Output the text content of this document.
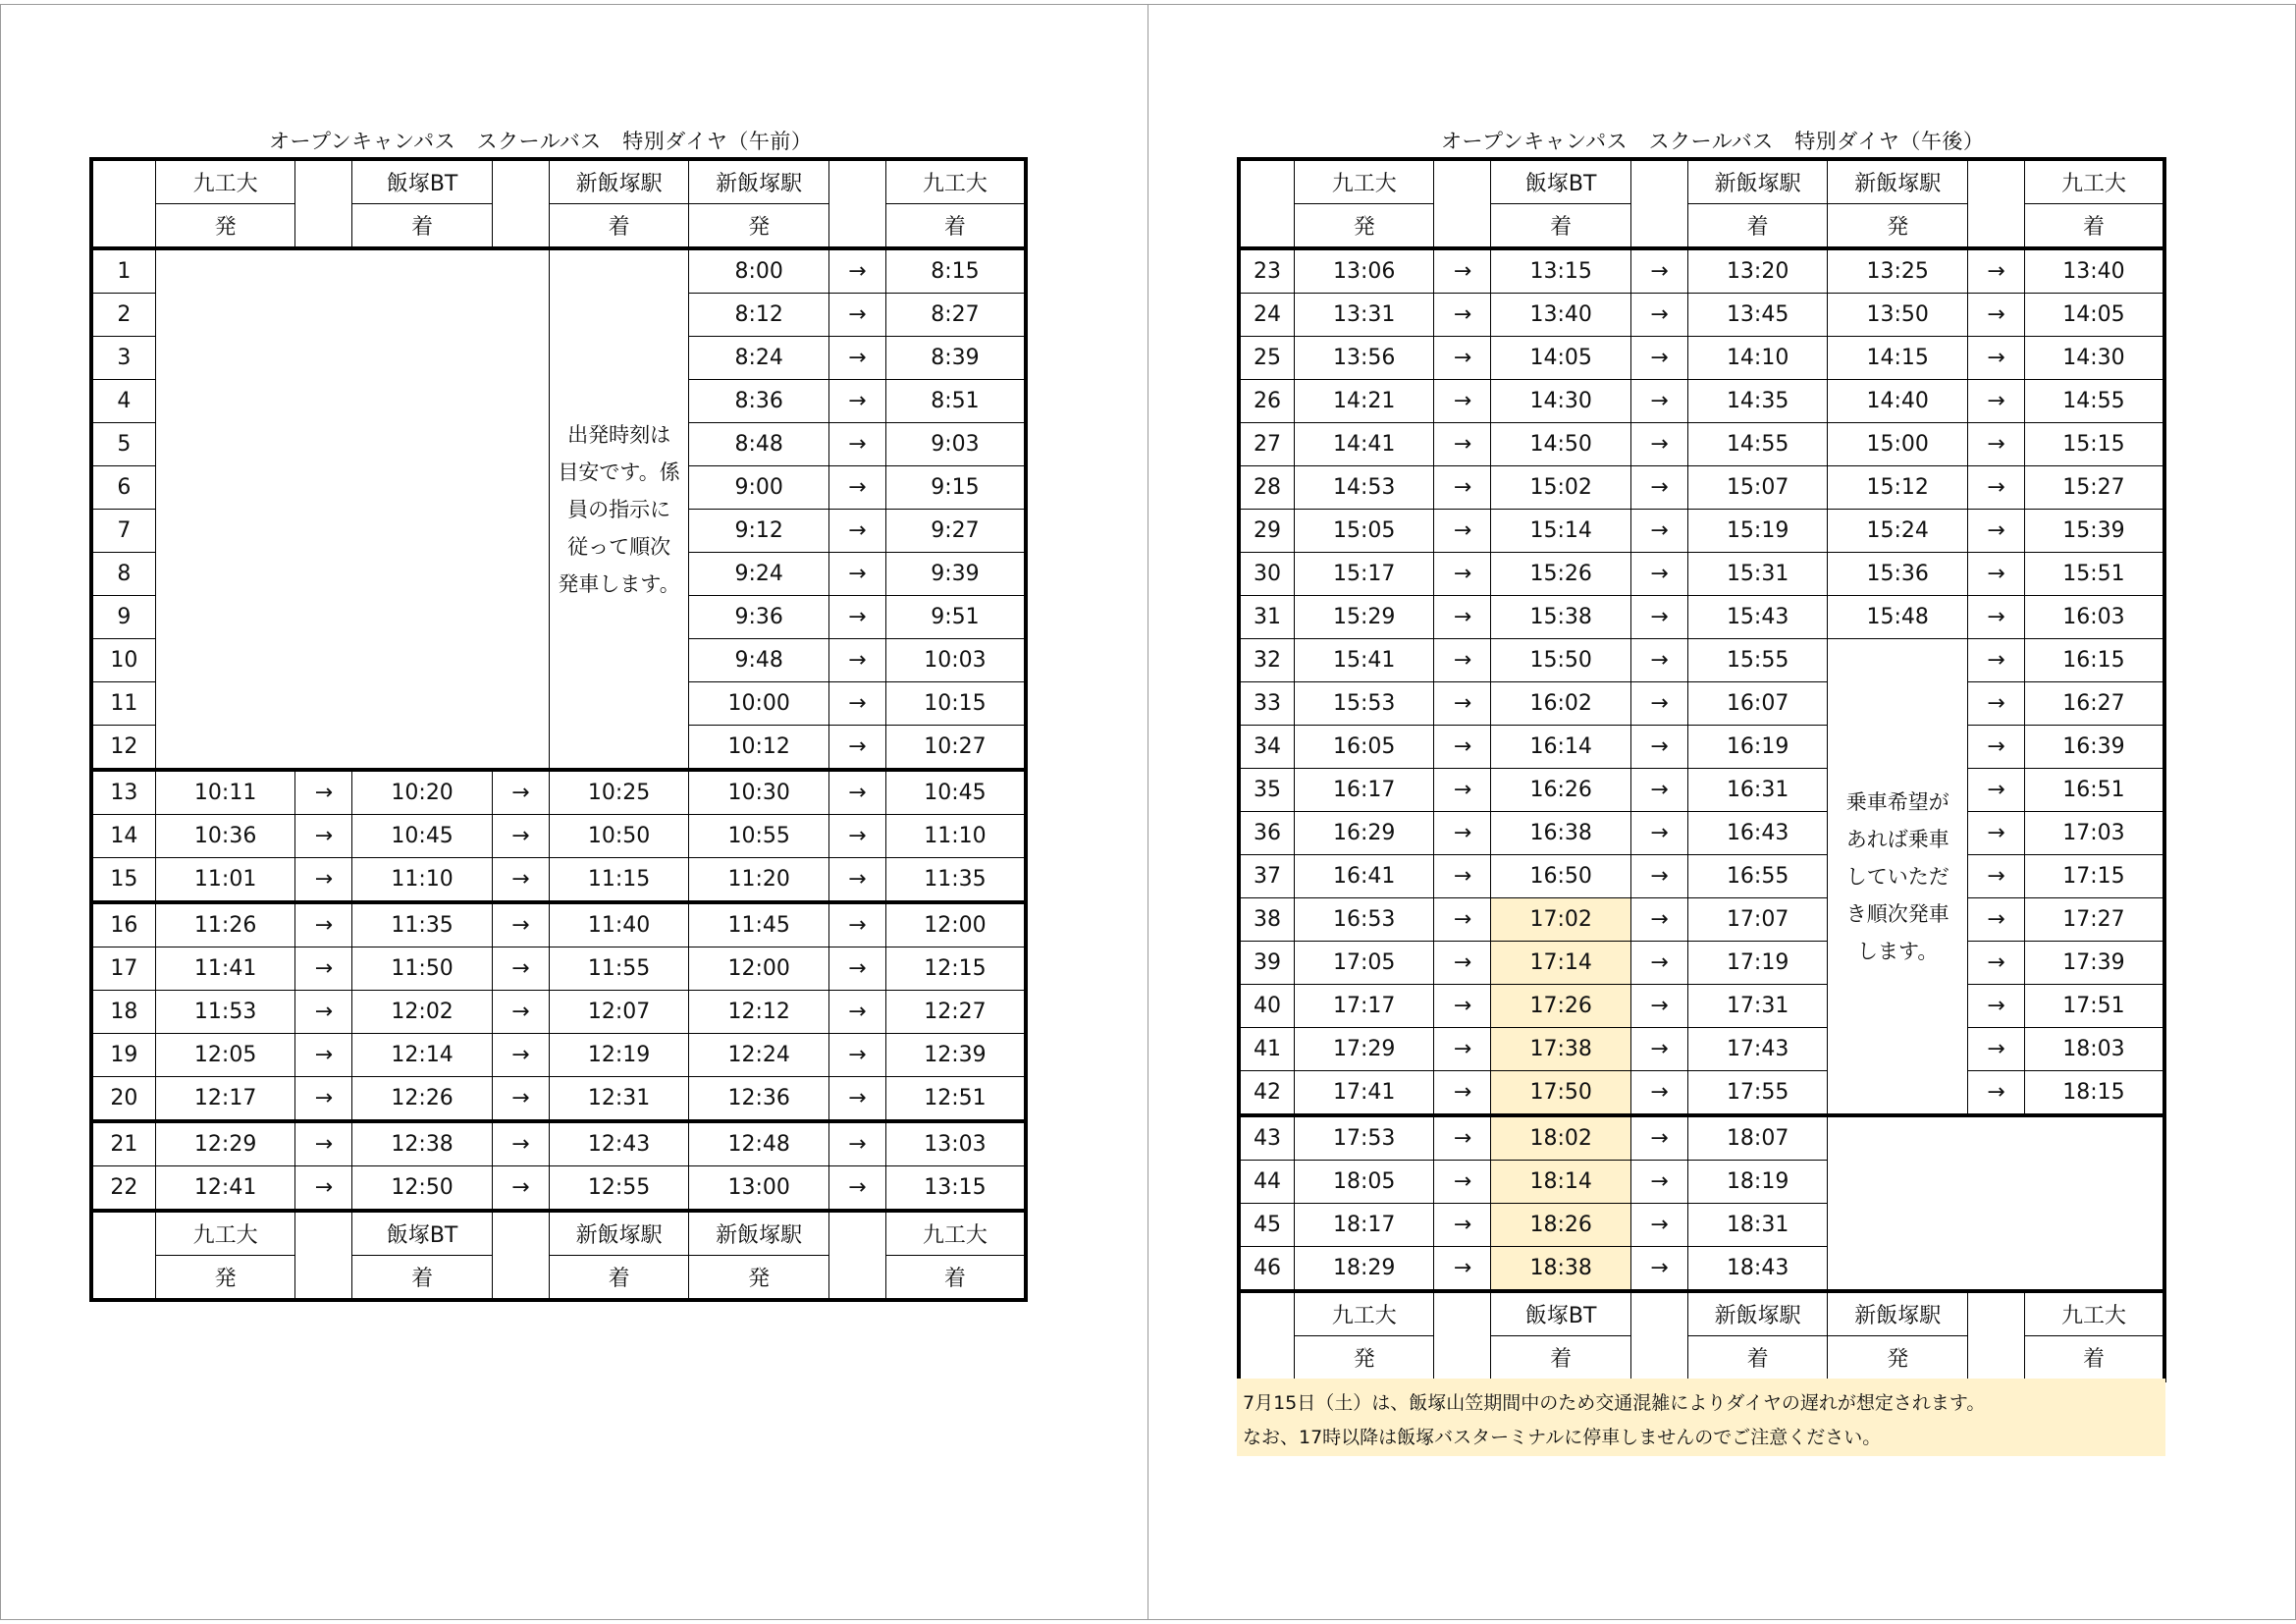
オープンキャンパス　スクールバス　特別ダイヤ（午前）	オープンキャンパス　スクールバス　特別ダイヤ（午後）
	九工大		飯塚BT		新飯塚駅	新飯塚駅		九工大
	発		着		着	発		着
1					出発時刻は目安です。係員の指示に従って順次発車します。	8:00	→	8:15
2						8:12	→	8:27
3						8:24	→	8:39
4						8:36	→	8:51
5						8:48	→	9:03
6						9:00	→	9:15
7						9:12	→	9:27
8						9:24	→	9:39
9						9:36	→	9:51
10						9:48	→	10:03
11						10:00	→	10:15
12						10:12	→	10:27
13	10:11	→	10:20	→	10:25	10:30	→	10:45
14	10:36	→	10:45	→	10:50	10:55	→	11:10
15	11:01	→	11:10	→	11:15	11:20	→	11:35
16	11:26	→	11:35	→	11:40	11:45	→	12:00
17	11:41	→	11:50	→	11:55	12:00	→	12:15
18	11:53	→	12:02	→	12:07	12:12	→	12:27
19	12:05	→	12:14	→	12:19	12:24	→	12:39
20	12:17	→	12:26	→	12:31	12:36	→	12:51
21	12:29	→	12:38	→	12:43	12:48	→	13:03
22	12:41	→	12:50	→	12:55	13:00	→	13:15
	九工大		飯塚BT		新飯塚駅	新飯塚駅		九工大
	発		着		着	発		着
	九工大		飯塚BT		新飯塚駅	新飯塚駅		九工大
	発		着		着	発		着
23	13:06	→	13:15	→	13:20	13:25	→	13:40
24	13:31	→	13:40	→	13:45	13:50	→	14:05
25	13:56	→	14:05	→	14:10	14:15	→	14:30
26	14:21	→	14:30	→	14:35	14:40	→	14:55
27	14:41	→	14:50	→	14:55	15:00	→	15:15
28	14:53	→	15:02	→	15:07	15:12	→	15:27
29	15:05	→	15:14	→	15:19	15:24	→	15:39
30	15:17	→	15:26	→	15:31	15:36	→	15:51
31	15:29	→	15:38	→	15:43	15:48	→	16:03
32	15:41	→	15:50	→	15:55	乗車希望があれば乗車していただき順次発車します。	→	16:15
33	15:53	→	16:02	→	16:07		→	16:27
34	16:05	→	16:14	→	16:19		→	16:39
35	16:17	→	16:26	→	16:31		→	16:51
36	16:29	→	16:38	→	16:43		→	17:03
37	16:41	→	16:50	→	16:55		→	17:15
38	16:53	→	17:02	→	17:07		→	17:27
39	17:05	→	17:14	→	17:19		→	17:39
40	17:17	→	17:26	→	17:31		→	17:51
41	17:29	→	17:38	→	17:43		→	18:03
42	17:41	→	17:50	→	17:55		→	18:15
43	17:53	→	18:02	→	18:07			
44	18:05	→	18:14	→	18:19			
45	18:17	→	18:26	→	18:31			
46	18:29	→	18:38	→	18:43			
	九工大		飯塚BT		新飯塚駅	新飯塚駅		九工大
	発		着		着	発		着
7月15日（土）は、飯塚山笠期間中のため交通混雑によりダイヤの遅れが想定されます。
なお、17時以降は飯塚バスターミナルに停車しませんのでご注意ください。
